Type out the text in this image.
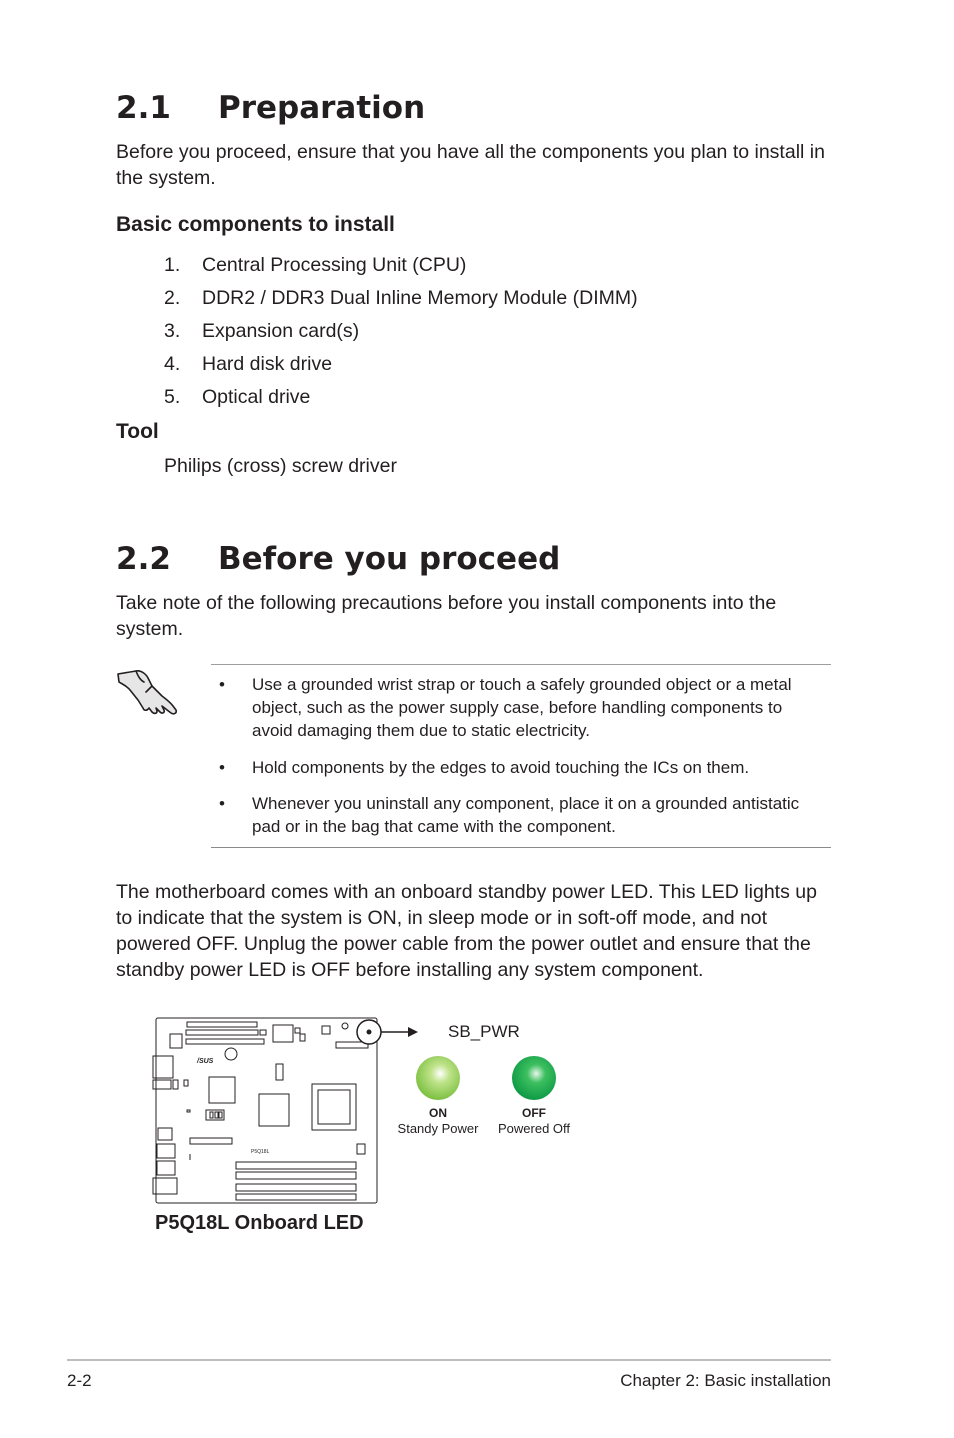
2.1 Preparation
Before you proceed, ensure that you have all the components you plan to install in the system.
Basic components to install
1. Central Processing Unit (CPU)
2. DDR2 / DDR3 Dual Inline Memory Module (DIMM)
3. Expansion card(s)
4. Hard disk drive
5. Optical drive
Tool
Philips (cross) screw driver
2.2 Before you proceed
Take note of the following precautions before you install components into the system.
• Use a grounded wrist strap or touch a safely grounded object or a metal object, such as the power supply case, before handling components to avoid damaging them due to static electricity.
• Hold components by the edges to avoid touching the ICs on them.
• Whenever you uninstall any component, place it on a grounded antistatic pad or in the bag that came with the component.
The motherboard comes with an onboard standby power LED. This LED lights up to indicate that the system is ON, in sleep mode or in soft-off mode, and not powered OFF. Unplug the power cable from the power outlet and ensure that the standby power LED is OFF before installing any system component.
/SUS
P5Q18L
SB_PWR
ON
Standy Power
OFF
Powered Off
P5Q18L Onboard LED
2-2	Chapter 2: Basic installation
